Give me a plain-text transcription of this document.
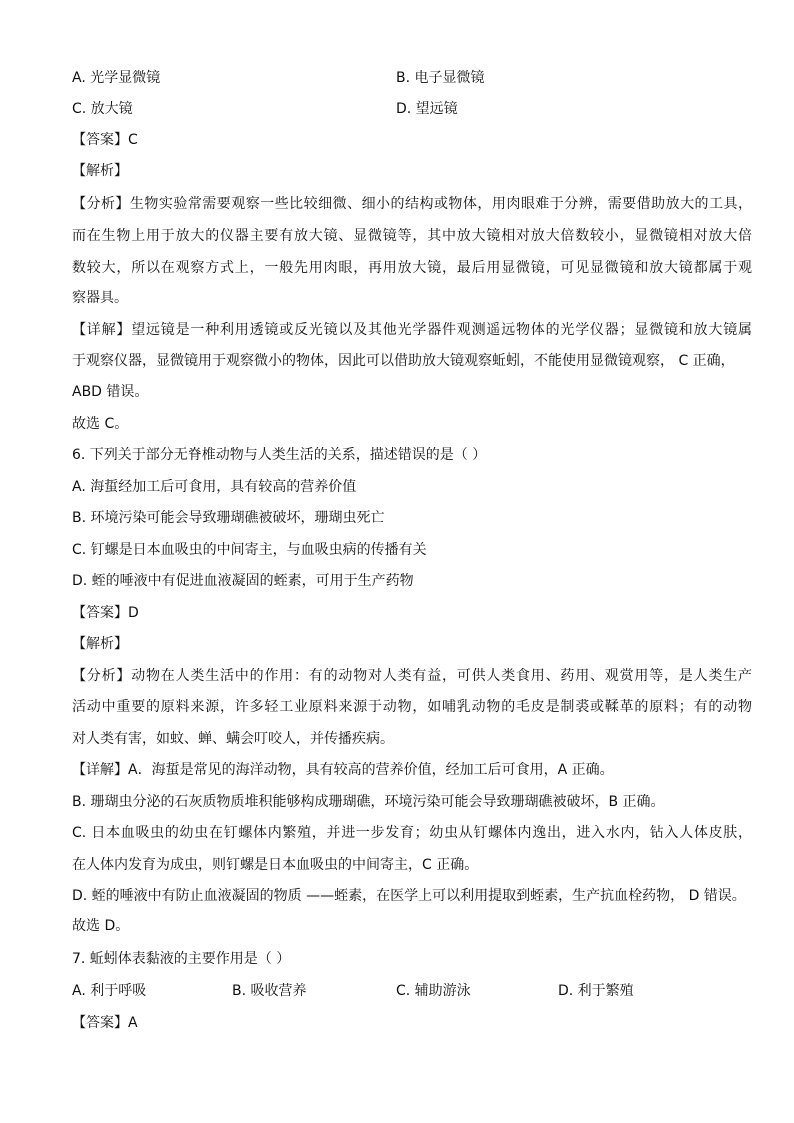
A. 光学显微镜	B. 电子显微镜
C. 放大镜	D. 望远镜
【答案】C
【解析】
【分析】生物实验常需要观察一些比较细微、细小的结构或物体，用肉眼难于分辨，需要借助放大的工具，
而在生物上用于放大的仪器主要有放大镜、显微镜等，其中放大镜相对放大倍数较小，显微镜相对放大倍
数较大，所以在观察方式上，一般先用肉眼，再用放大镜，最后用显微镜，可见显微镜和放大镜都属于观
察器具。
【详解】望远镜是一种利用透镜或反光镜以及其他光学器件观测遥远物体的光学仪器；显微镜和放大镜属
于观察仪器，显微镜用于观察微小的物体，因此可以借助放大镜观察蚯蚓，不能使用显微镜观察， C 正确，
ABD 错误。
故选 C。
6. 下列关于部分无脊椎动物与人类生活的关系，描述错误的是（ ）
A. 海蜇经加工后可食用，具有较高的营养价值
B. 环境污染可能会导致珊瑚礁被破坏，珊瑚虫死亡
C. 钉螺是日本血吸虫的中间寄主，与血吸虫病的传播有关
D. 蛭的唾液中有促进血液凝固的蛭素，可用于生产药物
【答案】D
【解析】
【分析】动物在人类生活中的作用：有的动物对人类有益，可供人类食用、药用、观赏用等，是人类生产
活动中重要的原料来源，许多轻工业原料来源于动物，如哺乳动物的毛皮是制裘或鞣革的原料；有的动物
对人类有害，如蚊、蝉、螨会叮咬人，并传播疾病。
【详解】A．海蜇是常见的海洋动物，具有较高的营养价值，经加工后可食用，A 正确。
B. 珊瑚虫分泌的石灰质物质堆积能够构成珊瑚礁，环境污染可能会导致珊瑚礁被破坏，B 正确。
C. 日本血吸虫的幼虫在钉螺体内繁殖，并进一步发育；幼虫从钉螺体内逸出，进入水内，钻入人体皮肤，
在人体内发育为成虫，则钉螺是日本血吸虫的中间寄主，C 正确。
D. 蛭的唾液中有防止血液凝固的物质 ——蛭素，在医学上可以利用提取到蛭素，生产抗血栓药物， D 错误。
故选 D。
7. 蚯蚓体表黏液的主要作用是（ ）
A. 利于呼吸	B. 吸收营养	C. 辅助游泳	D. 利于繁殖
【答案】A
